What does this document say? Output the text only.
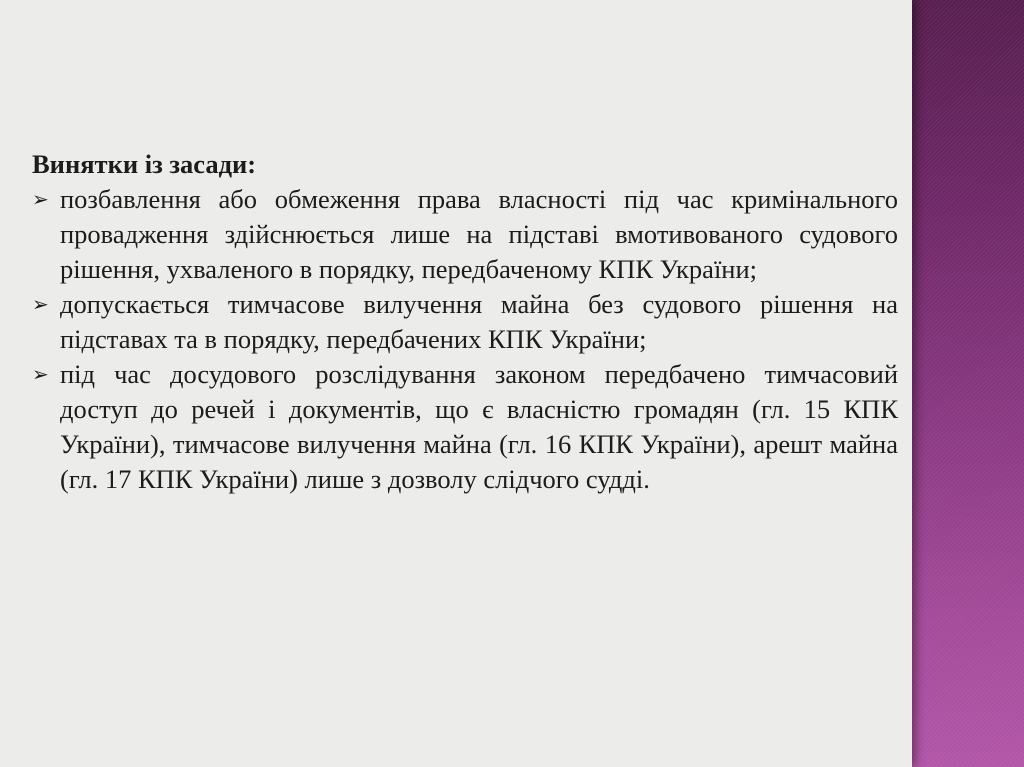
Винятки із засади:

➢ позбавлення або обмеження права власності під час кримінального провадження здійснюється лише на підставі вмотивованого судового рішення, ухваленого в порядку, передбаченому КПК України;
➢ допускається тимчасове вилучення майна без судового рішення на підставах та в порядку, передбачених КПК України;
➢ під час досудового розслідування законом передбачено тимчасовий доступ до речей і документів, що є власністю громадян (гл. 15 КПК України), тимчасове вилучення майна (гл. 16 КПК України), арешт майна (гл. 17 КПК України) лише з дозволу слідчого судді.
